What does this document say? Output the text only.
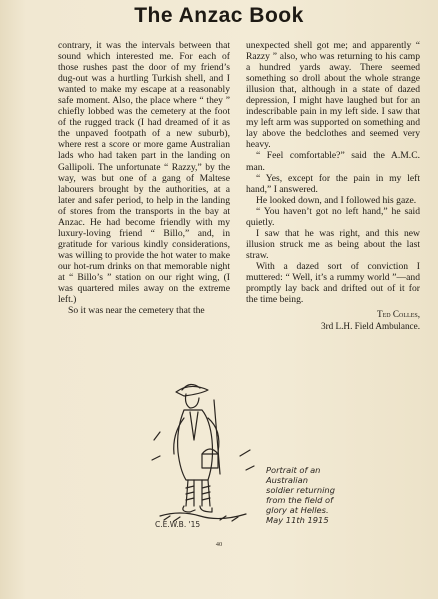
The Anzac Book

contrary, it was the intervals between that sound which interested me. For each of those rushes past the door of my friend’s dug-out was a hurtling Turkish shell, and I wanted to make my escape at a reasonably safe moment. Also, the place where “ they ” chiefly lobbed was the cemetery at the foot of the rugged track (I had dreamed of it as the unpaved footpath of a new suburb), where rest a score or more game Australian lads who had taken part in the landing on Gallipoli. The unfortunate “ Razzy,” by the way, was but one of a gang of Maltese labourers brought by the authorities, at a later and safer period, to help in the landing of stores from the transports in the bay at Anzac. He had become friendly with my luxury-loving friend “ Billo,” and, in gratitude for various kindly considerations, was willing to provide the hot water to make our hot-rum drinks on that memorable night at “ Billo’s ” station on our right wing, (I was quartered miles away on the extreme left.)

So it was near the cemetery that the

unexpected shell got me; and apparently “ Razzy ” also, who was returning to his camp a hundred yards away. There seemed something so droll about the whole strange illusion that, although in a state of dazed depression, I might have laughed but for an indescribable pain in my left side. I saw that my left arm was supported on something and lay above the bedclothes and seemed very heavy.

“ Feel comfortable?” said the A.M.C. man.

“ Yes, except for the pain in my left hand,” I answered.

He looked down, and I followed his gaze.

“ You haven’t got no left hand,” he said quietly.

I saw that he was right, and this new illusion struck me as being about the last straw.

With a dazed sort of conviction I muttered: “ Well, it’s a rummy world ”—and promptly lay back and drifted out of it for the time being.

Ted Colles,
3rd L.H. Field Ambulance.
C.E.W.B. '15

Portrait of an

Australian

soldier returning

from the field of

glory at Helles.

May 11th 1915

40
